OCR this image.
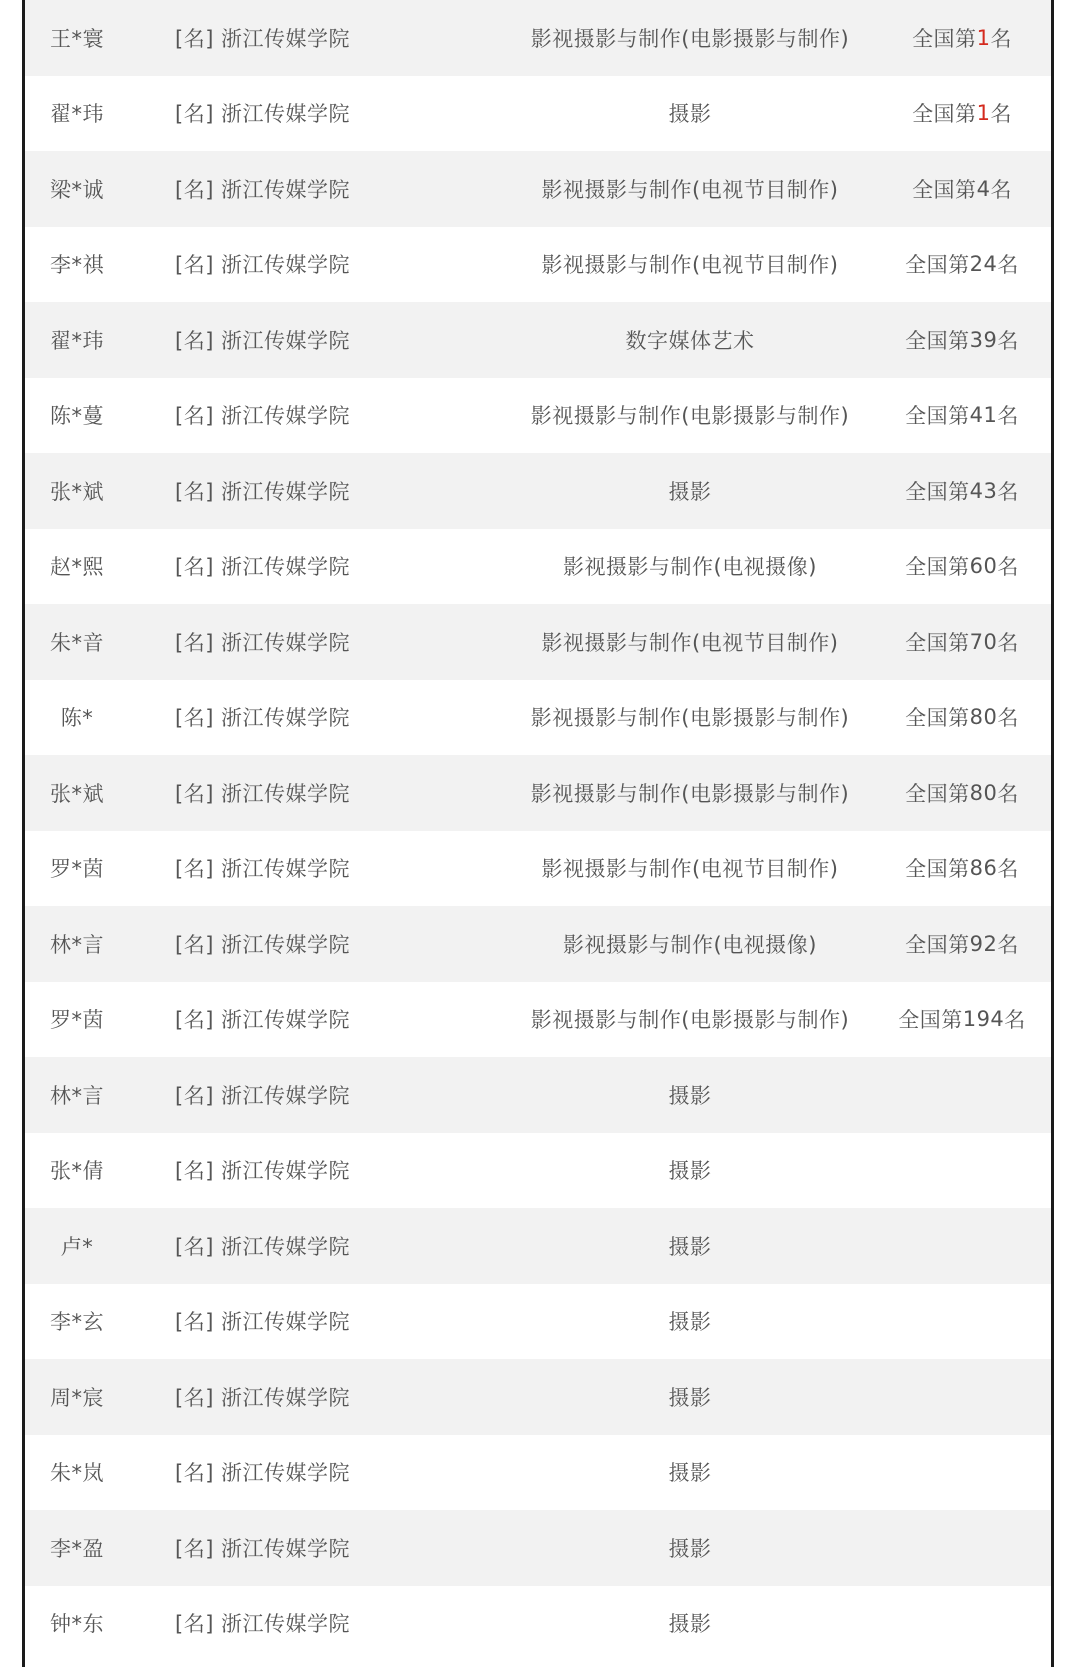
王*寰	[名] 浙江传媒学院	影视摄影与制作(电影摄影与制作)	全国第 1 名
翟*玮	[名] 浙江传媒学院	摄影	全国第 1 名
梁*诚	[名] 浙江传媒学院	影视摄影与制作(电视节目制作)	全国第 4 名
李*祺	[名] 浙江传媒学院	影视摄影与制作(电视节目制作)	全国第 24 名
翟*玮	[名] 浙江传媒学院	数字媒体艺术	全国第 39 名
陈*蔓	[名] 浙江传媒学院	影视摄影与制作(电影摄影与制作)	全国第 41 名
张*斌	[名] 浙江传媒学院	摄影	全国第 43 名
赵*熙	[名] 浙江传媒学院	影视摄影与制作(电视摄像)	全国第 60 名
朱*音	[名] 浙江传媒学院	影视摄影与制作(电视节目制作)	全国第 70 名
陈*	[名] 浙江传媒学院	影视摄影与制作(电影摄影与制作)	全国第 80 名
张*斌	[名] 浙江传媒学院	影视摄影与制作(电影摄影与制作)	全国第 80 名
罗*茵	[名] 浙江传媒学院	影视摄影与制作(电视节目制作)	全国第 86 名
林*言	[名] 浙江传媒学院	影视摄影与制作(电视摄像)	全国第 92 名
罗*茵	[名] 浙江传媒学院	影视摄影与制作(电影摄影与制作)	全国第 194 名
林*言	[名] 浙江传媒学院	摄影
张*倩	[名] 浙江传媒学院	摄影
卢*	[名] 浙江传媒学院	摄影
李*玄	[名] 浙江传媒学院	摄影
周*宸	[名] 浙江传媒学院	摄影
朱*岚	[名] 浙江传媒学院	摄影
李*盈	[名] 浙江传媒学院	摄影
钟*东	[名] 浙江传媒学院	摄影
